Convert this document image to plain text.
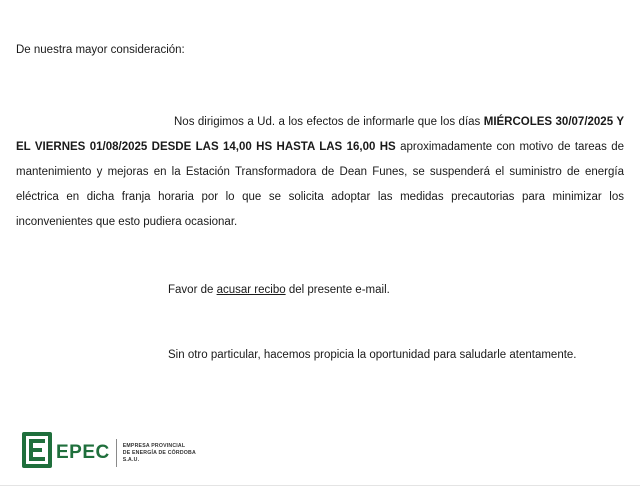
De nuestra mayor consideración:

Nos dirigimos a Ud. a los efectos de informarle que los días MIÉRCOLES 30/07/2025 Y EL VIERNES 01/08/2025 DESDE LAS 14,00 HS HASTA LAS 16,00 HS aproximadamente con motivo de tareas de mantenimiento y mejoras en la Estación Transformadora de Dean Funes, se suspenderá el suministro de energía eléctrica en dicha franja horaria por lo que se solicita adoptar las medidas precautorias para minimizar los inconvenientes que esto pudiera ocasionar.

Favor de acusar recibo del presente e-mail.

Sin otro particular, hacemos propicia la oportunidad para saludarle atentamente.

EPEC	EMPRESA PROVINCIAL
DE ENERGÍA DE CÓRDOBA
S.A.U.
